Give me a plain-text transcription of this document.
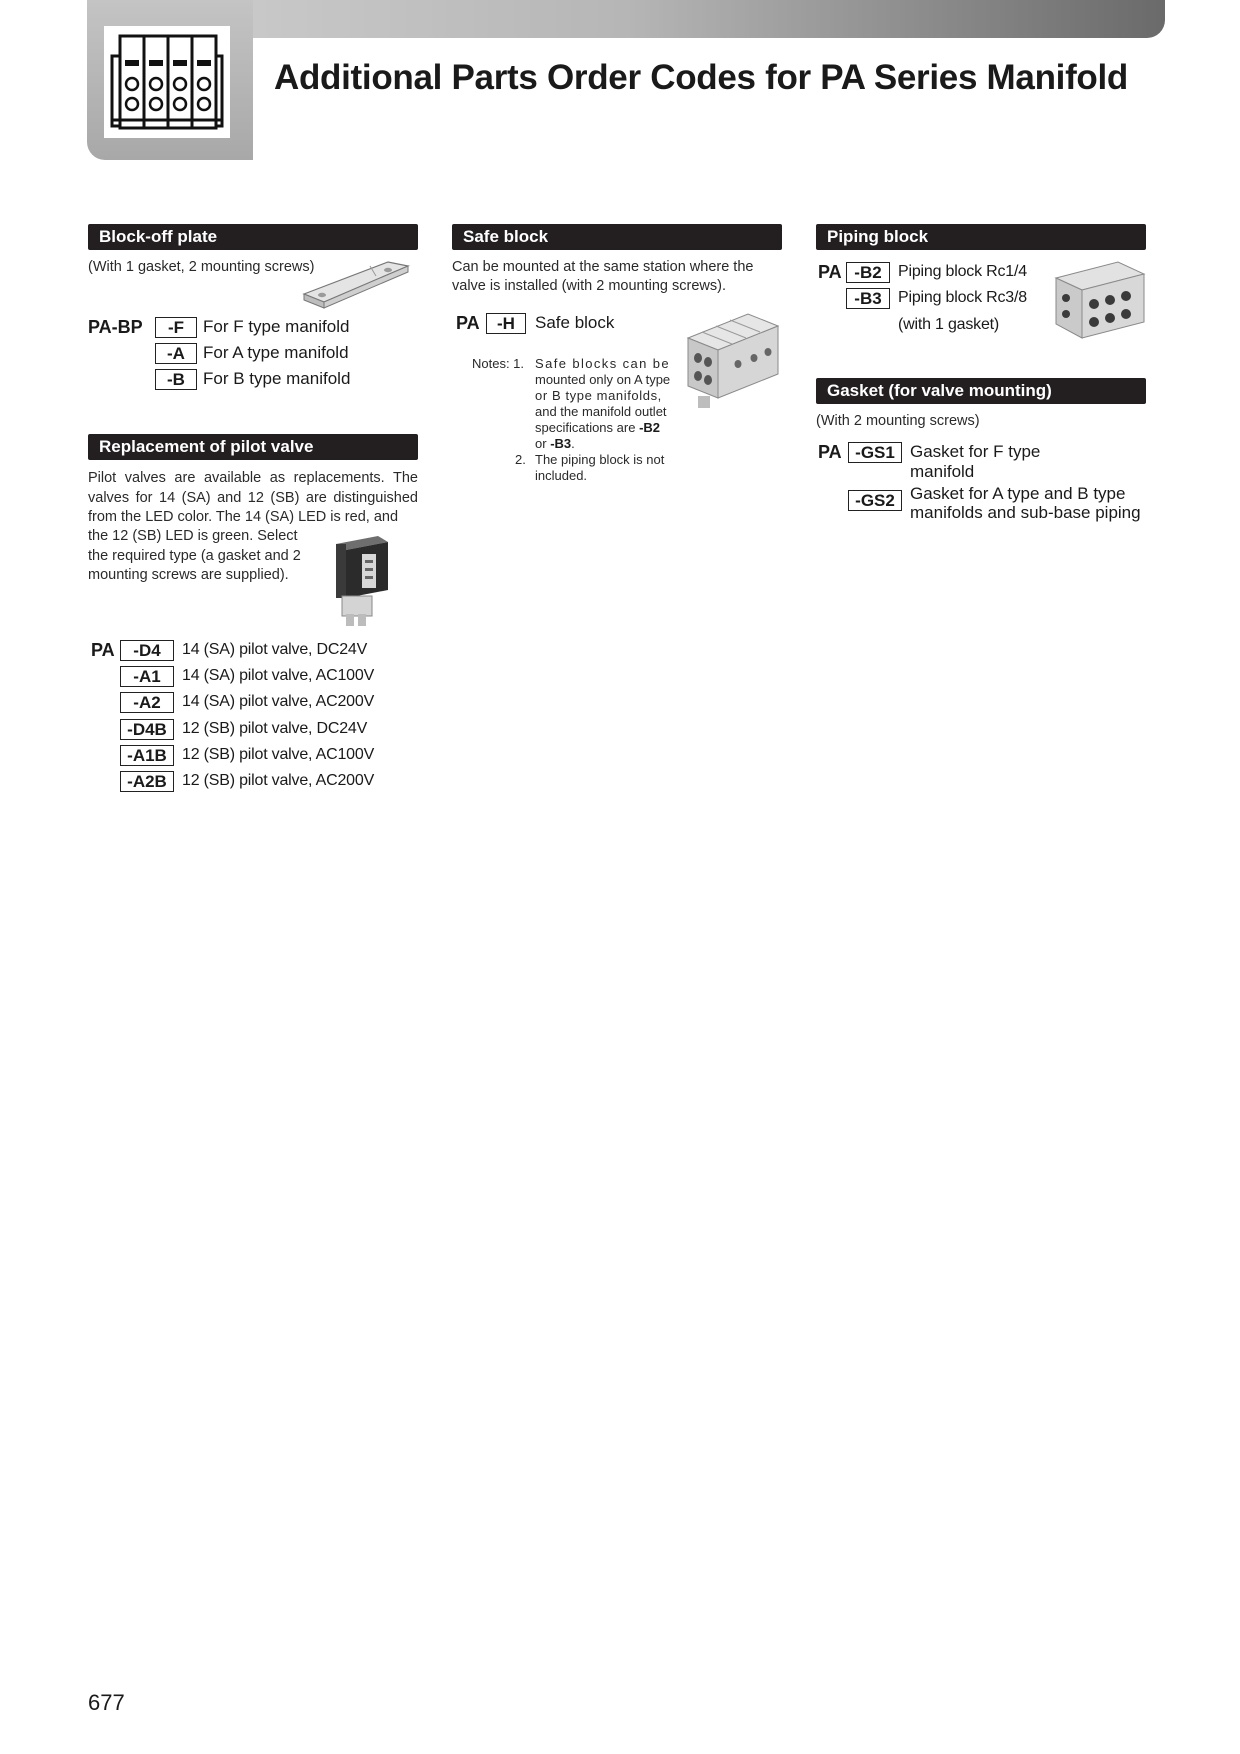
Additional Parts Order Codes for PA Series Manifold
Block-off plate
(With 1 gasket, 2 mounting screws)
PA-BP	-F	For F type manifold
-A	For A type manifold
-B	For B type manifold
Replacement of pilot valve
Pilot valves are available as replacements. The valves for 14 (SA) and 12 (SB) are distinguished from the LED color. The 14 (SA) LED is red, and
the 12 (SB) LED is green. Select the required type (a gasket and 2 mounting screws are supplied).
PA	-D4	14 (SA) pilot valve, DC24V
-A1	14 (SA) pilot valve, AC100V
-A2	14 (SA) pilot valve, AC200V
-D4B 12 (SB) pilot valve, DC24V
-A1B 12 (SB) pilot valve, AC100V
-A2B 12 (SB) pilot valve, AC200V
Safe block
Can be mounted at the same station where the
valve is installed (with 2 mounting screws).
PA	-H	Safe block
Notes: 1. Safe blocks can be
mounted only on A type
or B type manifolds,
and the manifold outlet
specifications are -B2
or -B3.
2. The piping block is not
included.
Piping block
PA -B2	Piping block Rc1/4
-B3	Piping block Rc3/8
(with 1 gasket)
Gasket (for valve mounting)
(With 2 mounting screws)
PA -GS1 Gasket for F type
manifold
-GS2 Gasket for A type and B type
manifolds and sub-base piping
677
